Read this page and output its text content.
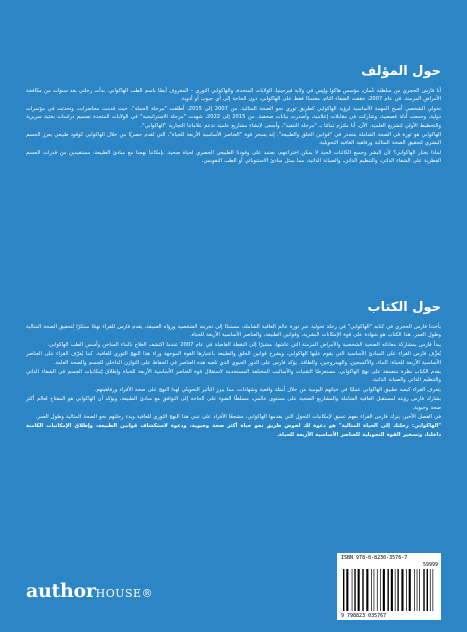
حول المؤلف

أنا فارس الحجري من سلطنة عُمان، مؤسس هاكوا ولِنِس في ولاية فيرجينيا، الولايات المتحدة، والهاكوابي الثوري – المعروف أيضًا باسم الطب الهاكوابي. بدأت رحلتي بعد سنوات من مكافحة الأمراض المزمنة. في عام 2007، حققت الشفاء التام، معتمدًا فقط على الهاكوابي، دون الحاجة إلى أي حبوب أو أدوية.

تحولي الشخصي أصبح المهمة الأساسية لرؤية الهاكوابي كطريق ثوري نحو الصحة المثالية. من 2007 إلى 2015، أطلقت "مرحلة الحملة"، حيث قدمت محاضرات، وتحدثت في مؤتمرات دولية، وجمعت أدلة قصصية، وشاركت في مقابلات إعلامية، وأصدرت بيانات صحفية. من 2015 إلى 2022، شهدت "مرحلة الاستراتيجية" في الولايات المتحدة تصميم دراسات بحثية سريرية والتخطيط الأولي لتشريع العلمية. الآن، أنا ملتزم تمامًا بـ "مرحلة التنفيذ"، وأسعى لإنشاء مشاريع علمية تدعم علاماتنا التجارية "الهاكوابي".

الهاكوابي هو ثورة في الصحة الشاملة متجذر في "قوانين الخلق والطبيعة". إنه يسخر قوة "العناصر الأساسية الأربعة للحياة"، التي تُقدم حصريًا من خلال الهاكوابي كوقود طبيعي يعزز الجسم البشري لتحقيق الصحة المثالية ورفاهية العافية التحويلية.

لماذا نختار الهاكوابي؟ لأن البشر وجميع الكائنات الحية لا يمكن اختراعهم، نعتمد على وقودنا الطبيعي الحصري لحياة صحية. بإمكاننا نهجنا مع مبادئ الطبيعة، مستفيدين من قدرات الجسم الفطرية على الشفاء الذاتي، والتنظيم الذاتي، والصيانة الذاتية، مما يمثل مبادئ الاستتوبائي أو الطب التقويمي.

حول الكتاب

يأخذنا فارس الحجري في كتابه "الهاكوابي" في رحلة تحولية عبر ثورة عالم العافية الشاملة. مستندًا إلى تجربته الشخصية ورؤاه العميقة، يقدم فارس للقراء نهجًا مبتكرًا لتحقيق الصحة المثالية وطول العمر. هذا الكتاب هو شهادة على قوة الإمكانات البشرية، وقوانين الطبيعة، والعناصر الأساسية الأربعة للحياة.

يبدأ فارس بمشاركة معاناته الصحية الشخصية والأمراض المزمنة التي عاشها، مشيرًا إلى النقطة الفاصلة في عام 2007 عندما اكتشف العلاج بالماء الساخن وأسس الطب الهاكوابي.

يُعرِّف فارس القراء على المبادئ الأساسية التي يقوم عليها الهاكوابي، ويشرح قوانين الخلق والطبيعة باعتبارها القوة الموجهة وراء هذا النهج الثوري للعافية. كما يُعرّف القراء على العناصر الأساسية الأربعة للحياة: الماء، والأكسجين، والهيدروجين، والطاقة. يؤكد فارس على الدور الحيوي الذي تلعبه هذه العناصر في الحفاظ على التوازن الداخلي للجسم والصحة العامة.

يقدم الكتاب نظرة متعمقة على نهج الهاكوابي، مستعرضًا التقنيات والأساليب المختلفة المستخدمة لاستغلال قوة العناصر الأساسية الأربعة للحياة وإطلاق إمكانيات الجسم في الشفاء الذاتي والتنظيم الذاتي والصيانة الذاتية.

يتعرف القراء كيفية تطبيق الهاكوابي عمليًا في حياتهم اليومية من خلال أمثلة واقعية وشهادات، مما يبرز التأثير التحويلي لهذا النهج على صحة الأفراد ورفاهيتهم.

يشارك فارس رؤيته لمستقبل العافية الشاملة والمشاريع الصحية على مستوى عالمي، مسلطًا الضوء على الحاجة إلى التوافق مع مبادئ الطبيعة، ويؤكد أن الهاكوابي هو المفتاح لعالم أكثر صحة وحيوية.

في الفصل الأخير، يترك فارس القراء بفهم عميق لإمكانيات التحول التي يقدمها الهاكوابي، مشجعًا الأفراد على تبني هذا النهج الثوري للعافية وبدء رحلتهم نحو الصحة المثالية وطول العمر.

"الهاكوابي: رحلتك إلى الحياة المثالية" هو دعوة لك لخوض طريق نحو حياة أكثر صحة وحيوية، ودعوة لاستكشاف قوانين الطبيعة، وإطلاق الإمكانيات الكامنة داخلنا، وتسخير القوة التحويلية للعناصر الأساسية الأربعة للحياة.

authorHOUSE®
ISBN 978-0-8230-3576-7
59999
9 798823 035767
